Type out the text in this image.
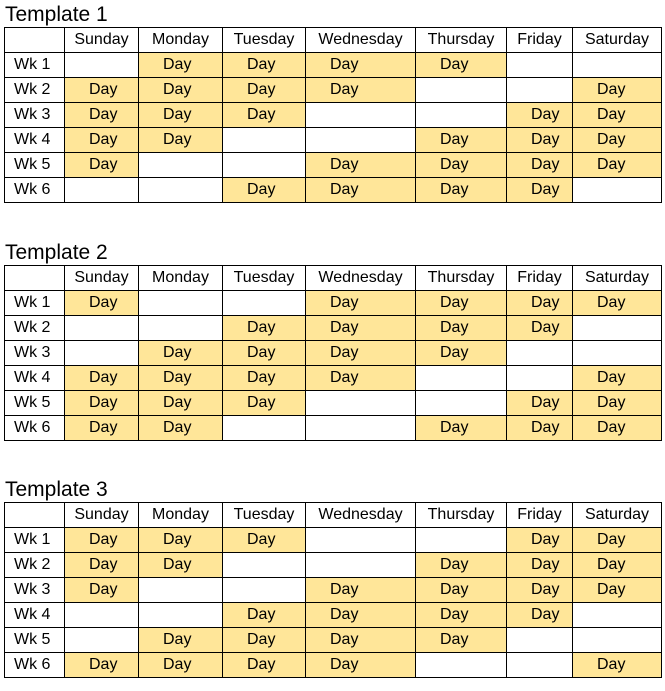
Template 1
	Sunday	Monday	Tuesday	Wednesday	Thursday	Friday	Saturday
Wk 1		Day	Day	Day	Day		
Wk 2	Day	Day	Day	Day			Day
Wk 3	Day	Day	Day			Day	Day
Wk 4	Day	Day			Day	Day	Day
Wk 5	Day			Day	Day	Day	Day
Wk 6			Day	Day	Day	Day	
Template 2
	Sunday	Monday	Tuesday	Wednesday	Thursday	Friday	Saturday
Wk 1	Day			Day	Day	Day	Day
Wk 2			Day	Day	Day	Day	
Wk 3		Day	Day	Day	Day		
Wk 4	Day	Day	Day	Day			Day
Wk 5	Day	Day	Day			Day	Day
Wk 6	Day	Day			Day	Day	Day
Template 3
	Sunday	Monday	Tuesday	Wednesday	Thursday	Friday	Saturday
Wk 1	Day	Day	Day			Day	Day
Wk 2	Day	Day			Day	Day	Day
Wk 3	Day			Day	Day	Day	Day
Wk 4			Day	Day	Day	Day	
Wk 5		Day	Day	Day	Day		
Wk 6	Day	Day	Day	Day			Day
